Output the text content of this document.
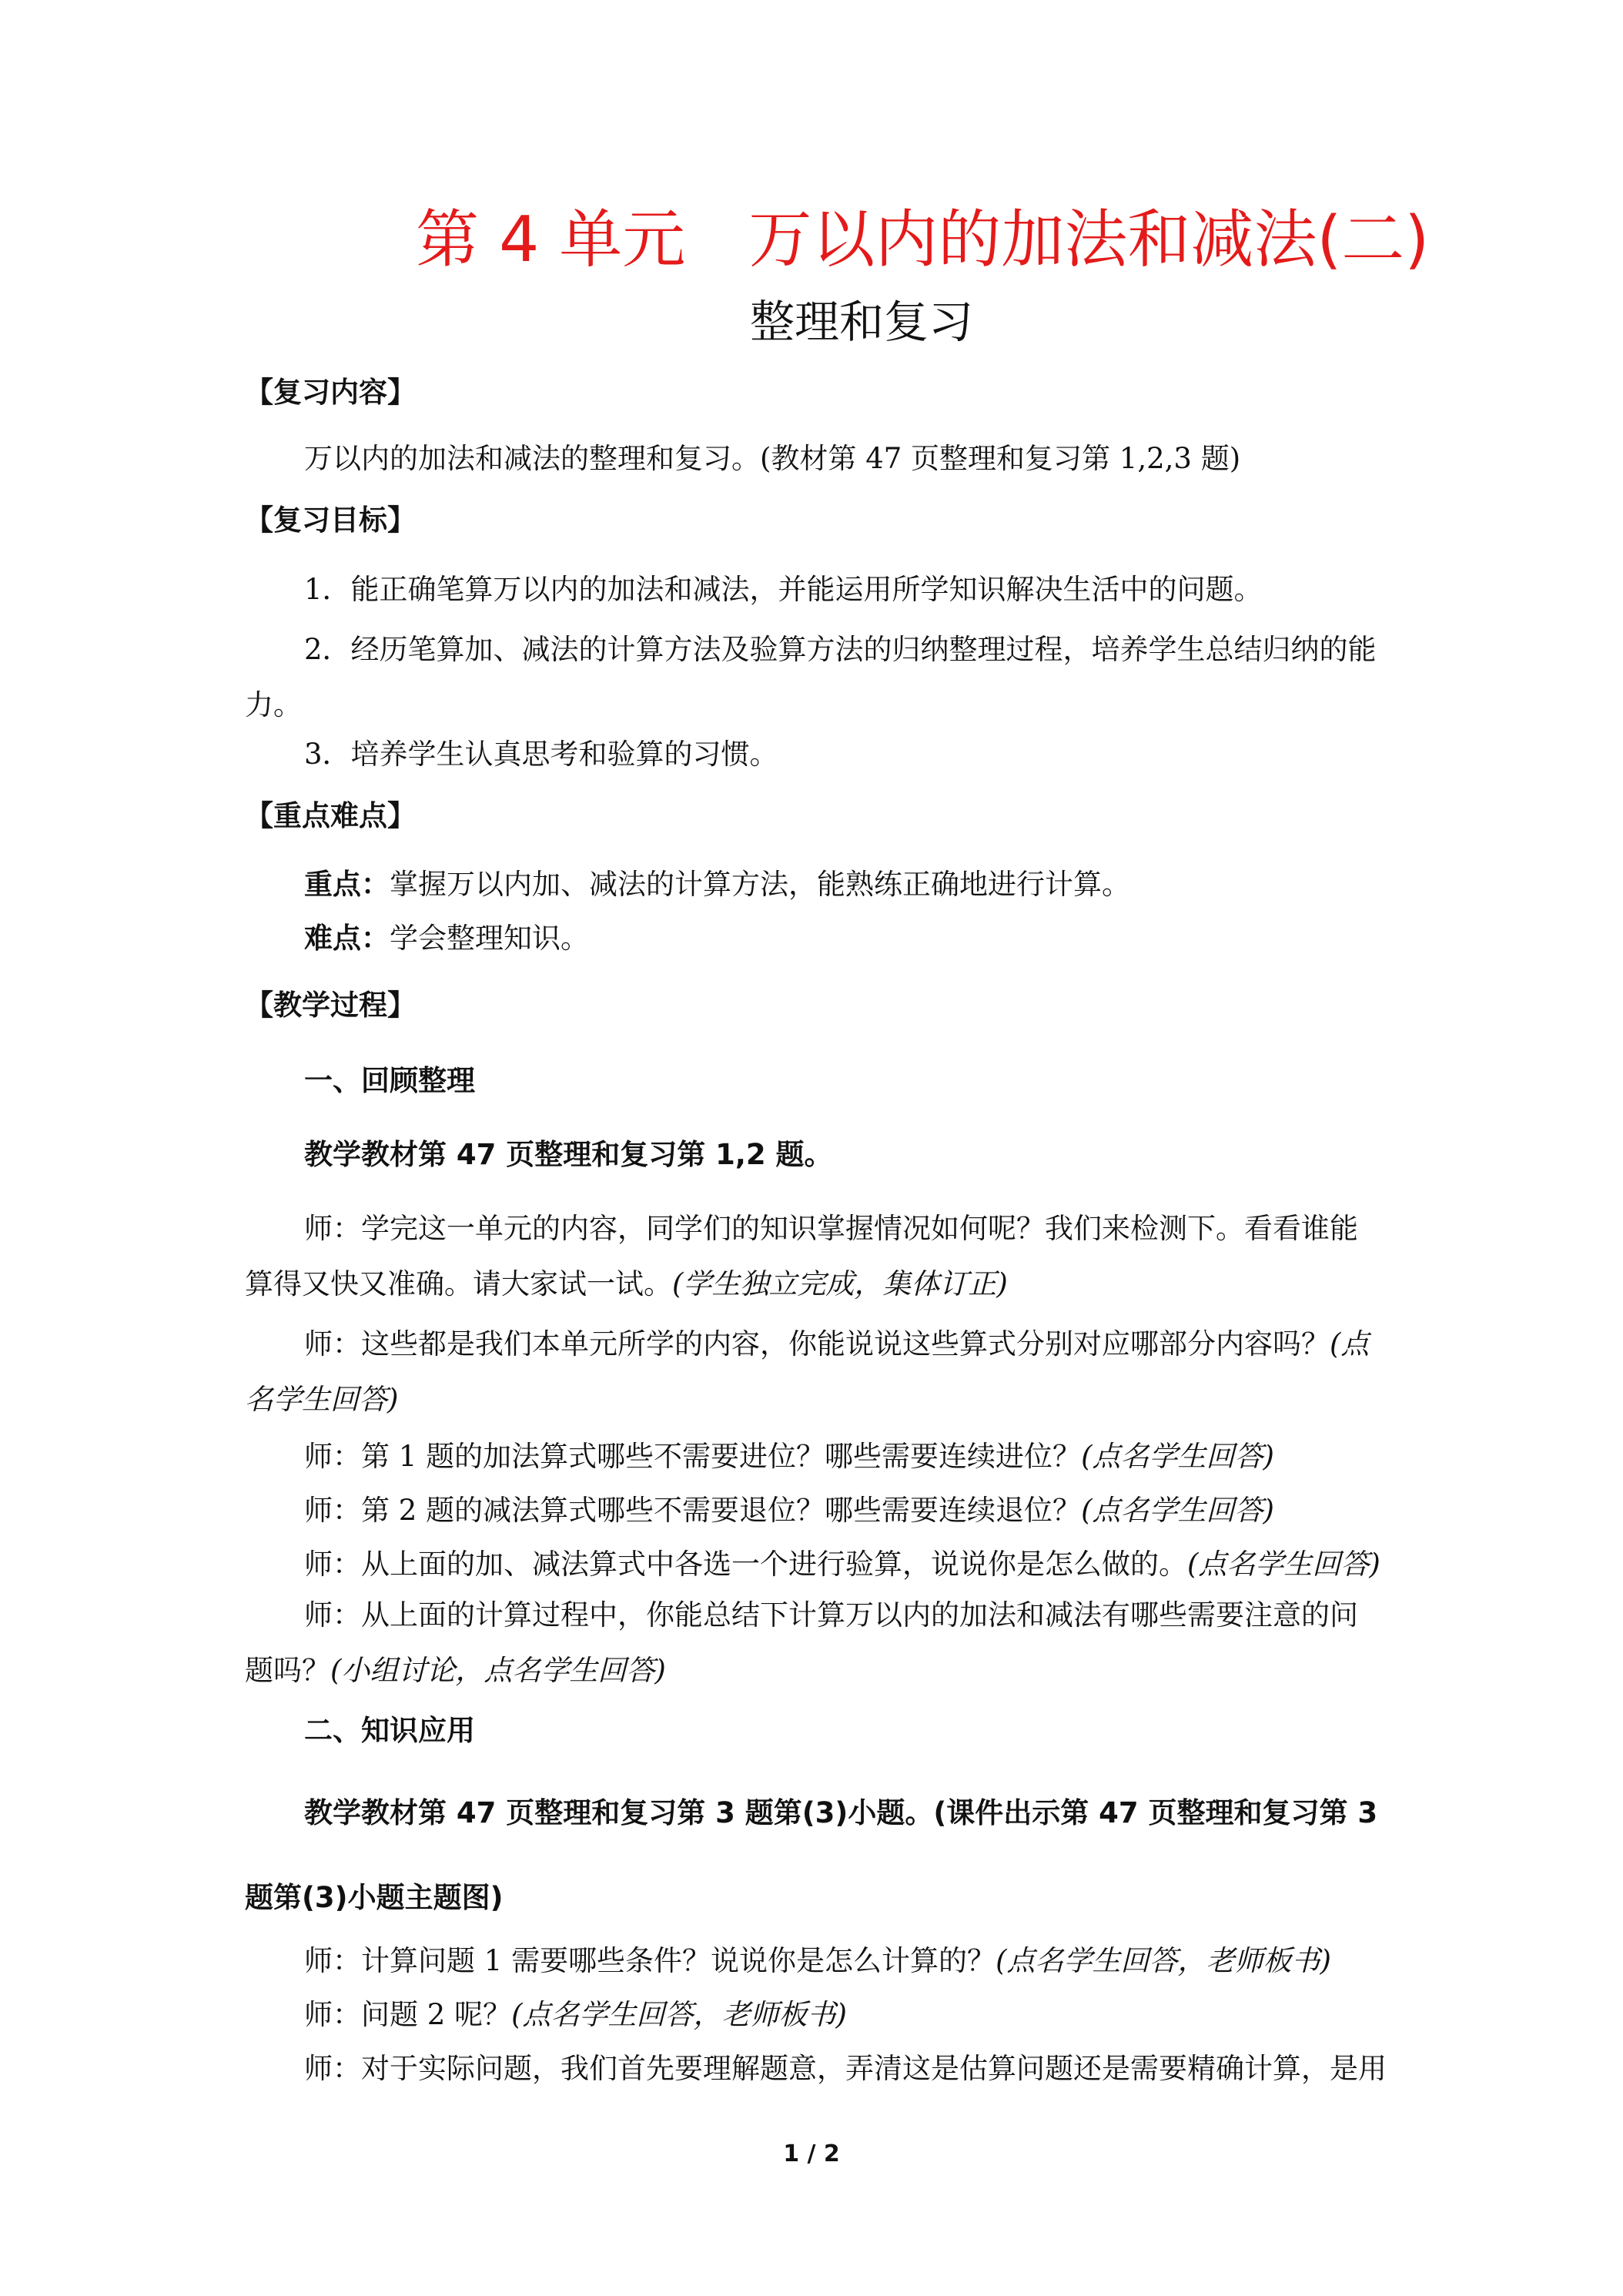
第 4 单元 万以内的加法和减法(二)
整理和复习
【复习内容】
万以内的加法和减法的整理和复习。(教材第 47 页整理和复习第 1,2,3 题)
【复习目标】
1．能正确笔算万以内的加法和减法，并能运用所学知识解决生活中的问题。
2．经历笔算加、减法的计算方法及验算方法的归纳整理过程，培养学生总结归纳的能力。
3．培养学生认真思考和验算的习惯。
【重点难点】
重点：掌握万以内加、减法的计算方法，能熟练正确地进行计算。
难点：学会整理知识。
【教学过程】
一、回顾整理
教学教材第 47 页整理和复习第 1,2 题。
师：学完这一单元的内容，同学们的知识掌握情况如何呢？我们来检测下。看看谁能算得又快又准确。请大家试一试。(学生独立完成，集体订正)
师：这些都是我们本单元所学的内容，你能说说这些算式分别对应哪部分内容吗？(点名学生回答)
师：第 1 题的加法算式哪些不需要进位？哪些需要连续进位？(点名学生回答)
师：第 2 题的减法算式哪些不需要退位？哪些需要连续退位？(点名学生回答)
师：从上面的加、减法算式中各选一个进行验算，说说你是怎么做的。(点名学生回答)
师：从上面的计算过程中，你能总结下计算万以内的加法和减法有哪些需要注意的问题吗？(小组讨论，点名学生回答)
二、知识应用
教学教材第 47 页整理和复习第 3 题第(3)小题。(课件出示第 47 页整理和复习第 3 题第(3)小题主题图)
师：计算问题 1 需要哪些条件？说说你是怎么计算的？(点名学生回答，老师板书)
师：问题 2 呢？(点名学生回答，老师板书)
师：对于实际问题，我们首先要理解题意，弄清这是估算问题还是需要精确计算，是用
1 / 2
